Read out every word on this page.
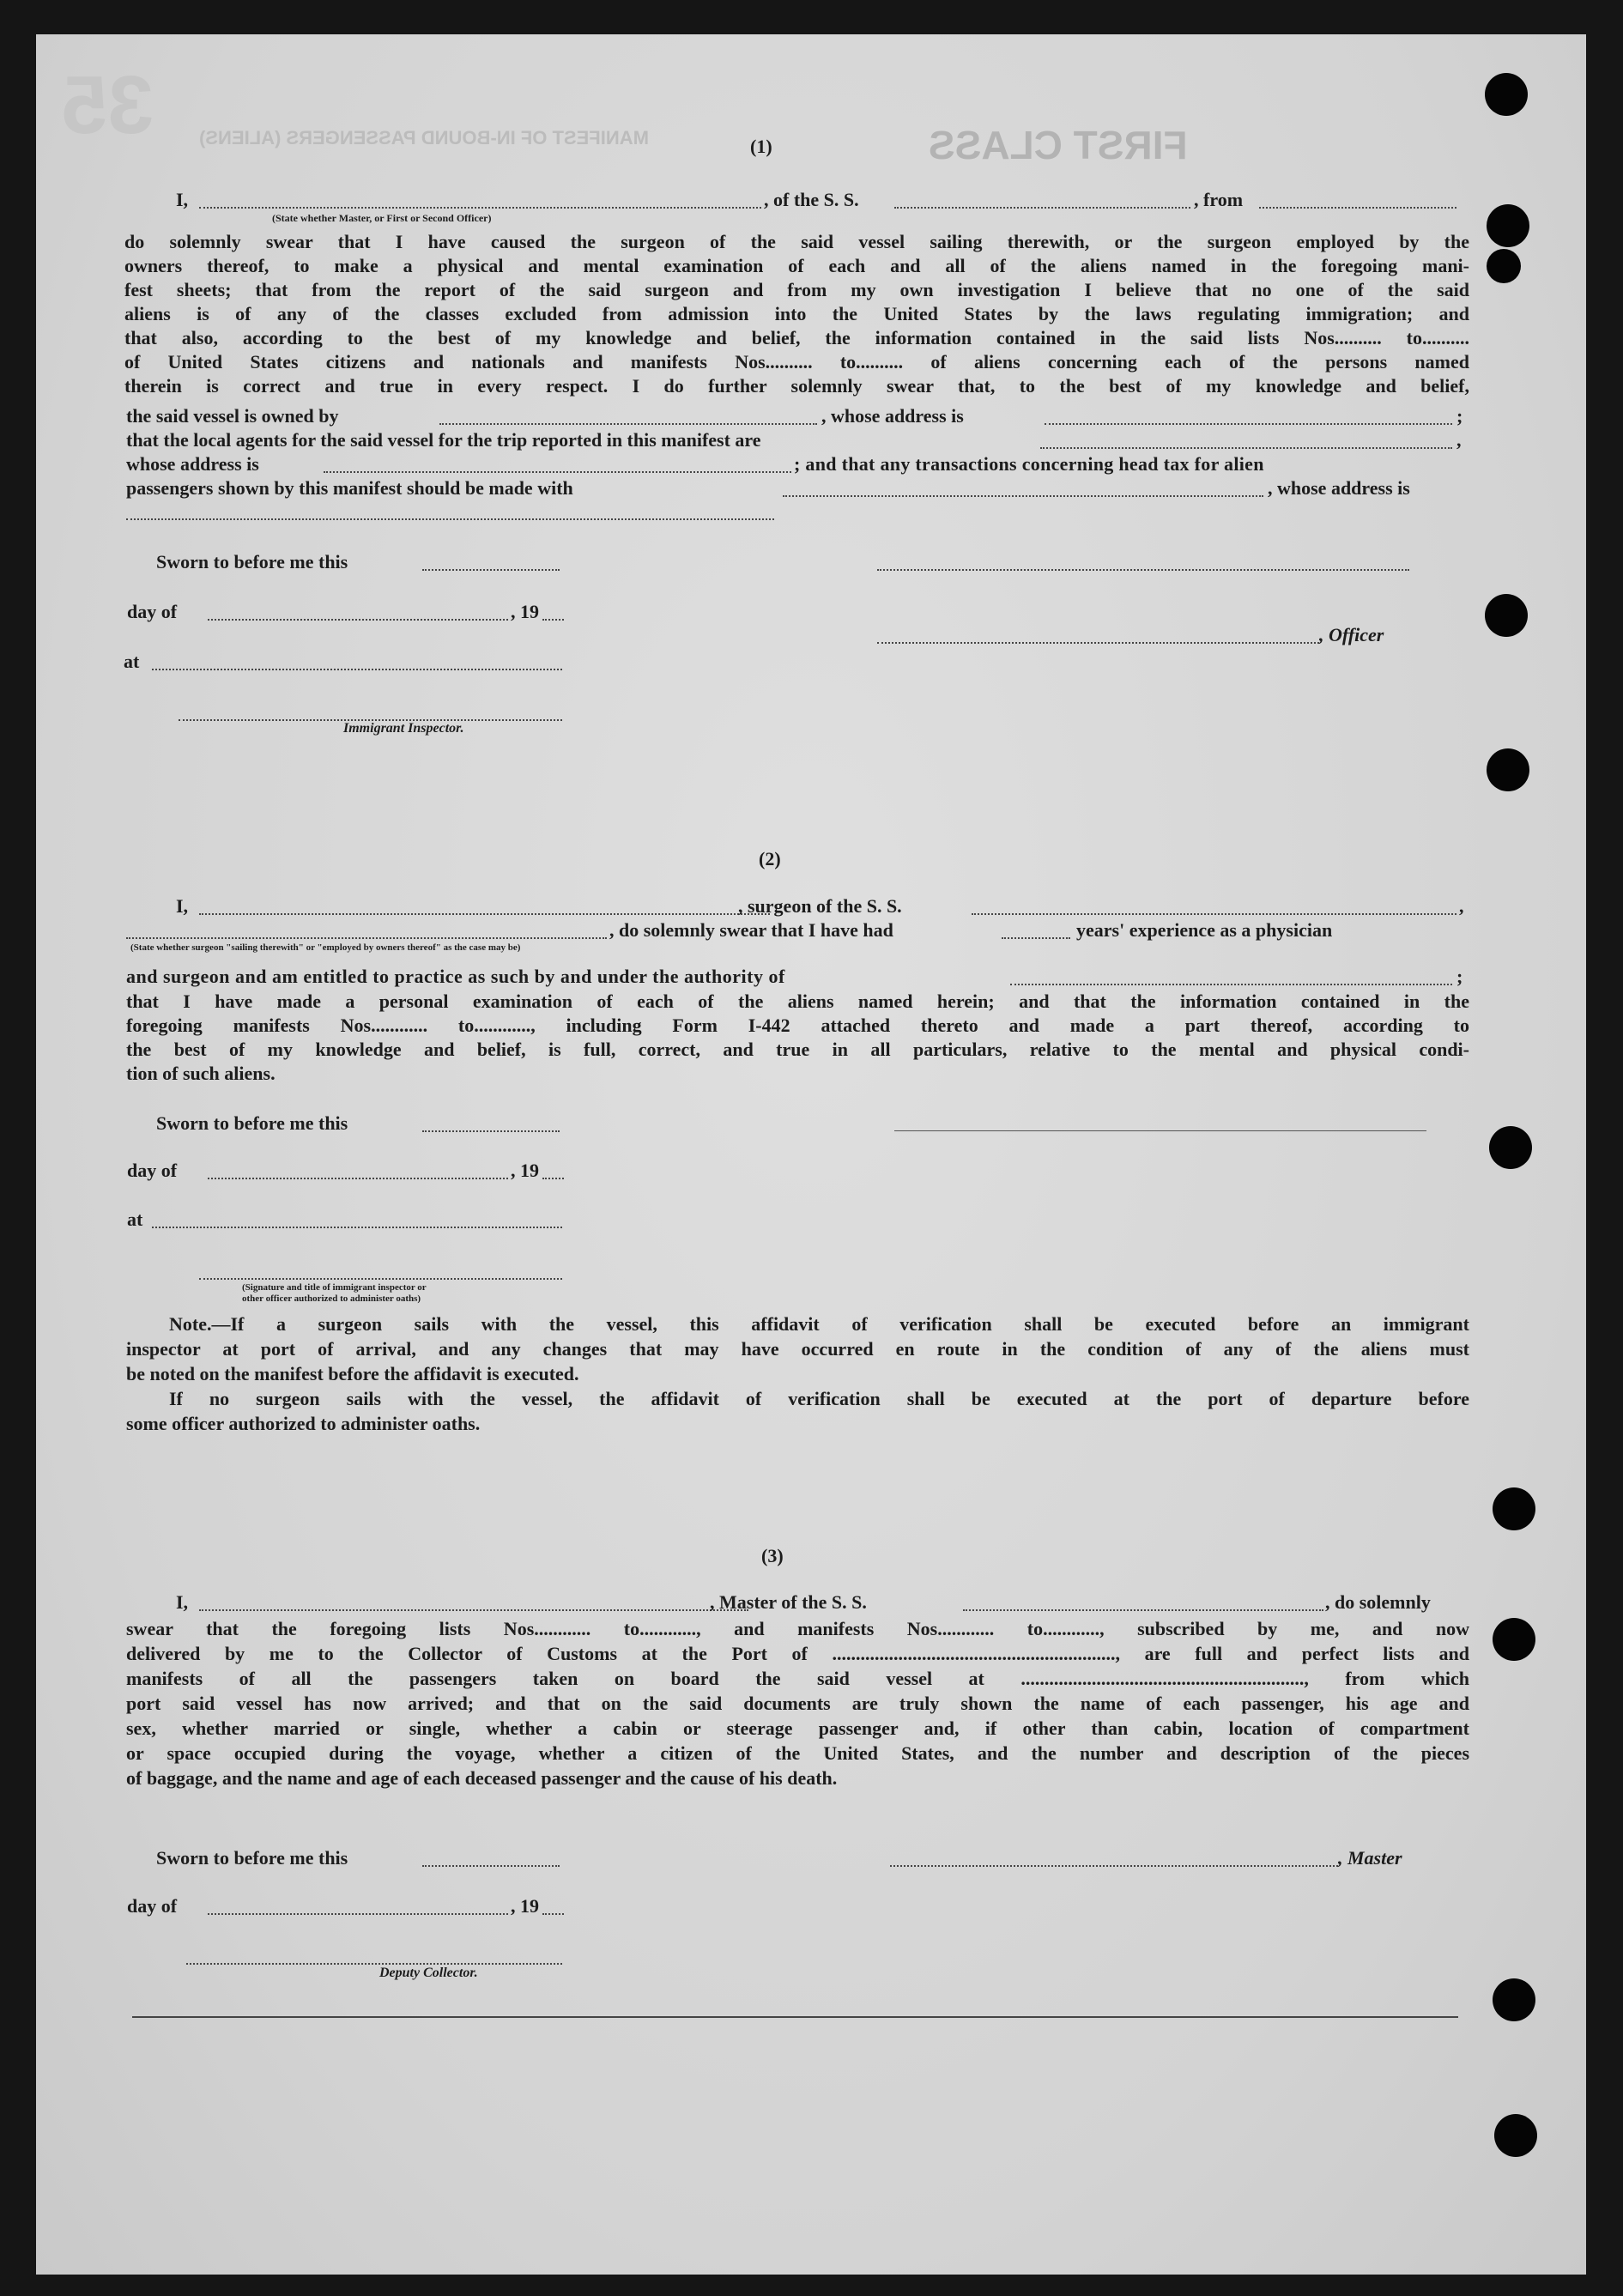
MANIFEST OF IN-BOUND PASSENGERS (ALIENS)	FIRST CLASS
35	(1)
I,	, of the S. S.	, from
(State whether Master, or First or Second Officer)
do solemnly swear that I have caused the surgeon of the said vessel sailing therewith, or the surgeon employed by the
owners thereof, to make a physical and mental examination of each and all of the aliens named in the foregoing mani-
fest sheets; that from the report of the said surgeon and from my own investigation I believe that no one of the said
aliens is of any of the classes excluded from admission into the United States by the laws regulating immigration; and
that also, according to the best of my knowledge and belief, the information contained in the said lists Nos.......... to..........
of United States citizens and nationals and manifests Nos.......... to.......... of aliens concerning each of the persons named
therein is correct and true in every respect. I do further solemnly swear that, to the best of my knowledge and belief,
the said vessel is owned by	, whose address is	;
that the local agents for the said vessel for the trip reported in this manifest are	,
whose address is	; and that any transactions concerning head tax for alien
passengers shown by this manifest should be made with	, whose address is
Sworn to before me this
day of	, 19
at
Immigrant Inspector.
, Officer
(2)
I,	, surgeon of the S. S.	,
, do solemnly swear that I have had	years' experience as a physician
(State whether surgeon "sailing therewith" or "employed by owners thereof" as the case may be)
and surgeon and am entitled to practice as such by and under the authority of	;
that I have made a personal examination of each of the aliens named herein; and that the information contained in the
foregoing manifests Nos............ to............, including Form I-442 attached thereto and made a part thereof, according to
the best of my knowledge and belief, is full, correct, and true in all particulars, relative to the mental and physical condi-
tion of such aliens.
Sworn to before me this
day of	, 19
at
(Signature and title of immigrant inspector or
other officer authorized to administer oaths)
Note.—If a surgeon sails with the vessel, this affidavit of verification shall be executed before an immigrant
inspector at port of arrival, and any changes that may have occurred en route in the condition of any of the aliens must
be noted on the manifest before the affidavit is executed.
If no surgeon sails with the vessel, the affidavit of verification shall be executed at the port of departure before
some officer authorized to administer oaths.
(3)
I,	, Master of the S. S.	, do solemnly
swear that the foregoing lists Nos............ to............, and manifests Nos............ to............, subscribed by me, and now
delivered by me to the Collector of Customs at the Port of ............................................................, are full and perfect lists and
manifests of all the passengers taken on board the said vessel at ............................................................, from which
port said vessel has now arrived; and that on the said documents are truly shown the name of each passenger, his age and
sex, whether married or single, whether a cabin or steerage passenger and, if other than cabin, location of compartment
or space occupied during the voyage, whether a citizen of the United States, and the number and description of the pieces
of baggage, and the name and age of each deceased passenger and the cause of his death.
Sworn to before me this
day of	, 19
Deputy Collector.
, Master
